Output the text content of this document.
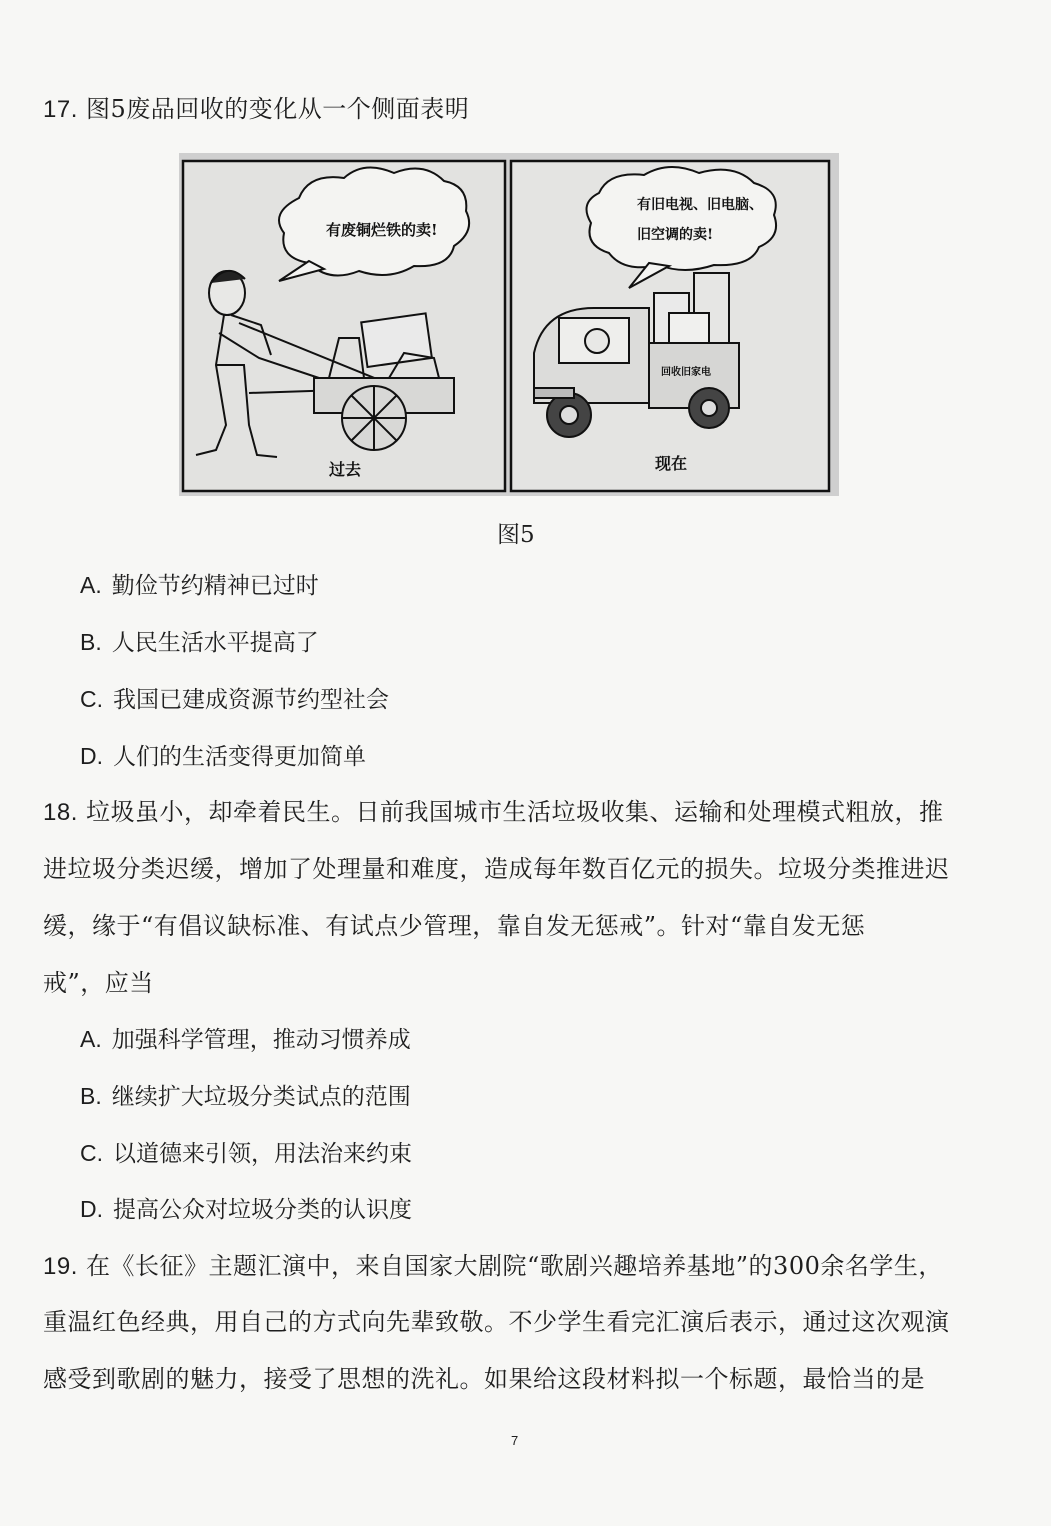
17. 图5废品回收的变化从一个侧面表明
有废铜烂铁的卖!
过去
有旧电视、旧电脑、
旧空调的卖!
回收旧家电
现在
图5
A. 勤俭节约精神已过时
B. 人民生活水平提高了
C. 我国已建成资源节约型社会
D. 人们的生活变得更加简单
18. 垃圾虽小，却牵着民生。日前我国城市生活垃圾收集、运输和处理模式粗放，推
进垃圾分类迟缓，增加了处理量和难度，造成每年数百亿元的损失。垃圾分类推进迟
缓，缘于“有倡议缺标准、有试点少管理，靠自发无惩戒”。针对“靠自发无惩
戒”，应当
A. 加强科学管理，推动习惯养成
B. 继续扩大垃圾分类试点的范围
C. 以道德来引领，用法治来约束
D. 提高公众对垃圾分类的认识度
19. 在《长征》主题汇演中，来自国家大剧院“歌剧兴趣培养基地”的300余名学生，
重温红色经典，用自己的方式向先辈致敬。不少学生看完汇演后表示，通过这次观演
感受到歌剧的魅力，接受了思想的洗礼。如果给这段材料拟一个标题，最恰当的是
7
